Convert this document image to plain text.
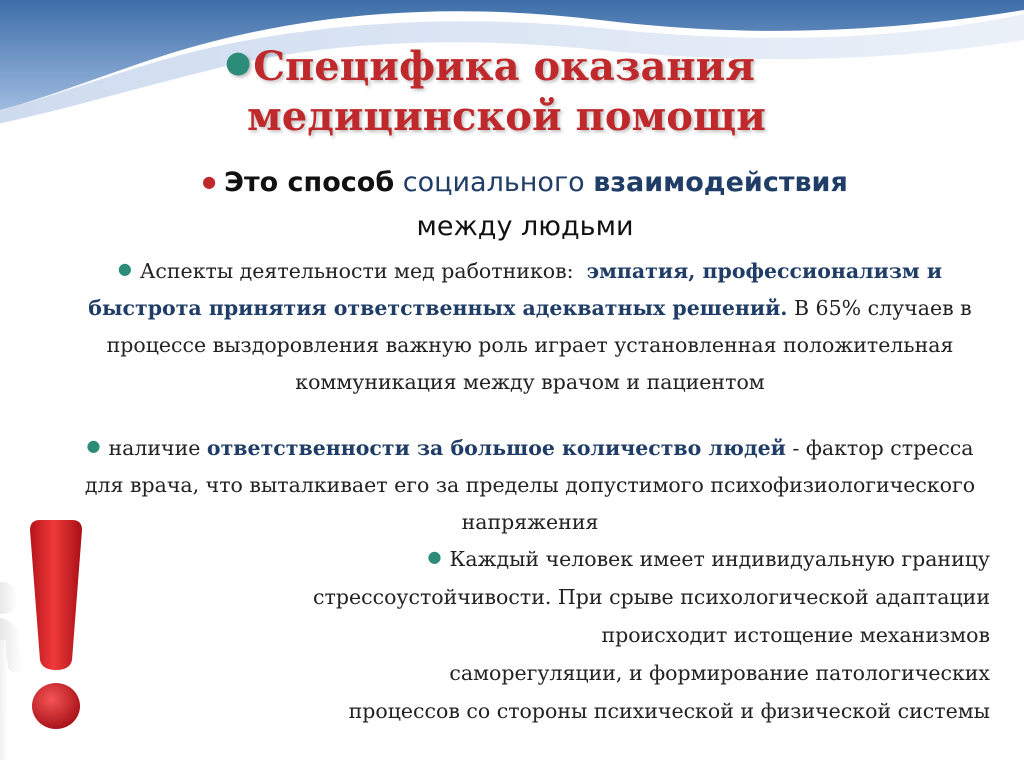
●Специфика оказания
медицинской помощи
● Это способ социального взаимодействия
между людьми
● Аспекты деятельности мед работников: эмпатия, профессионализм и быстрота принятия ответственных адекватных решений. В 65% случаев в процессе выздоровления важную роль играет установленная положительная коммуникация между врачом и пациентом
● наличие ответственности за большое количество людей - фактор стресса для врача, что выталкивает его за пределы допустимого психофизиологического напряжения
● Каждый человек имеет индивидуальную границу
стрессоустойчивости. При срыве психологической адаптации
происходит истощение механизмов
саморегуляции, и формирование патологических
процессов со стороны психической и физической системы
